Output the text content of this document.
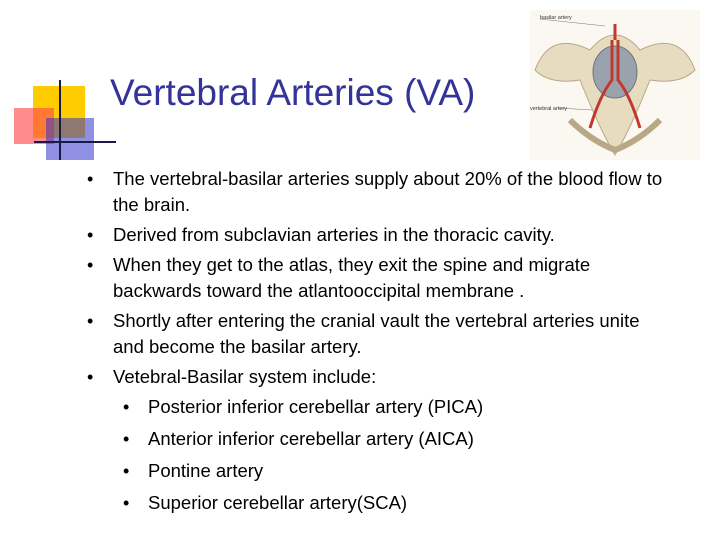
Vertebral Arteries (VA)
basilar artery
vertebral artery
• The vertebral-basilar arteries supply about 20% of the blood flow to the brain.
• Derived from subclavian arteries in the thoracic cavity.
• When they get to the atlas, they exit the spine and migrate backwards toward the atlantooccipital membrane .
• Shortly after entering the cranial vault the vertebral arteries unite and become the basilar artery.
• Vetebral-Basilar system include:
• Posterior inferior cerebellar artery (PICA)
• Anterior inferior cerebellar artery (AICA)
• Pontine artery
• Superior cerebellar artery(SCA)
